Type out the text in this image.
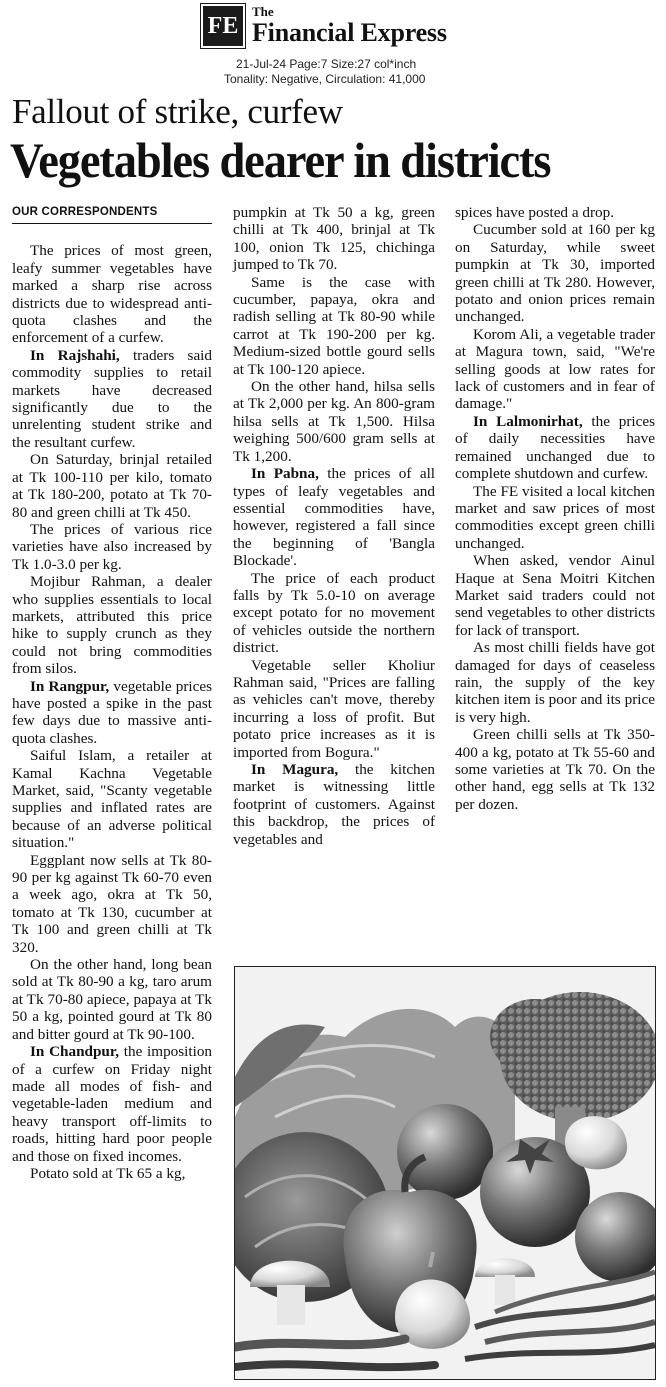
FE
The
Financial Express
21-Jul-24 Page:7 Size:27 col*inch
Tonality: Negative, Circulation: 41,000
Fallout of strike, curfew
Vegetables dearer in districts
OUR CORRESPONDENTS

The prices of most green, leafy summer vegetables have marked a sharp rise across districts due to widespread anti-quota clashes and the enforcement of a curfew.

In Rajshahi, traders said commodity supplies to retail markets have decreased significantly due to the unrelenting student strike and the resultant curfew.

On Saturday, brinjal retailed at Tk 100-110 per kilo, tomato at Tk 180-200, potato at Tk 70-80 and green chilli at Tk 450.

The prices of various rice varieties have also increased by Tk 1.0-3.0 per kg.

Mojibur Rahman, a dealer who supplies essentials to local markets, attributed this price hike to supply crunch as they could not bring commodities from silos.

In Rangpur, vegetable prices have posted a spike in the past few days due to massive anti-quota clashes.

Saiful Islam, a retailer at Kamal Kachna Vegetable Market, said, "Scanty vegetable supplies and inflated rates are because of an adverse political situation."

Eggplant now sells at Tk 80-90 per kg against Tk 60-70 even a week ago, okra at Tk 50, tomato at Tk 130, cucumber at Tk 100 and green chilli at Tk 320.

On the other hand, long bean sold at Tk 80-90 a kg, taro arum at Tk 70-80 apiece, papaya at Tk 50 a kg, pointed gourd at Tk 80 and bitter gourd at Tk 90-100.

In Chandpur, the imposition of a curfew on Friday night made all modes of fish- and vegetable-laden medium and heavy transport off-limits to roads, hitting hard poor people and those on fixed incomes.

Potato sold at Tk 65 a kg,

pumpkin at Tk 50 a kg, green chilli at Tk 400, brinjal at Tk 100, onion Tk 125, chichinga jumped to Tk 70.

Same is the case with cucumber, papaya, okra and radish selling at Tk 80-90 while carrot at Tk 190-200 per kg. Medium-sized bottle gourd sells at Tk 100-120 apiece.

On the other hand, hilsa sells at Tk 2,000 per kg. An 800-gram hilsa sells at Tk 1,500. Hilsa weighing 500/600 gram sells at Tk 1,200.

In Pabna, the prices of all types of leafy vegetables and essential commodities have, however, registered a fall since the beginning of 'Bangla Blockade'.

The price of each product falls by Tk 5.0-10 on average except potato for no movement of vehicles outside the northern district.

Vegetable seller Kholiur Rahman said, "Prices are falling as vehicles can't move, thereby incurring a loss of profit. But potato price increases as it is imported from Bogura."

In Magura, the kitchen market is witnessing little footprint of customers. Against this backdrop, the prices of vegetables and

spices have posted a drop.

Cucumber sold at 160 per kg on Saturday, while sweet pumpkin at Tk 30, imported green chilli at Tk 280. However, potato and onion prices remain unchanged.

Korom Ali, a vegetable trader at Magura town, said, "We're selling goods at low rates for lack of customers and in fear of damage."

In Lalmonirhat, the prices of daily necessities have remained unchanged due to complete shutdown and curfew.

The FE visited a local kitchen market and saw prices of most commodities except green chilli unchanged.

When asked, vendor Ainul Haque at Sena Moitri Kitchen Market said traders could not send vegetables to other districts for lack of transport.

As most chilli fields have got damaged for days of ceaseless rain, the supply of the key kitchen item is poor and its price is very high.

Green chilli sells at Tk 350-400 a kg, potato at Tk 55-60 and some varieties at Tk 70. On the other hand, egg sells at Tk 132 per dozen.
